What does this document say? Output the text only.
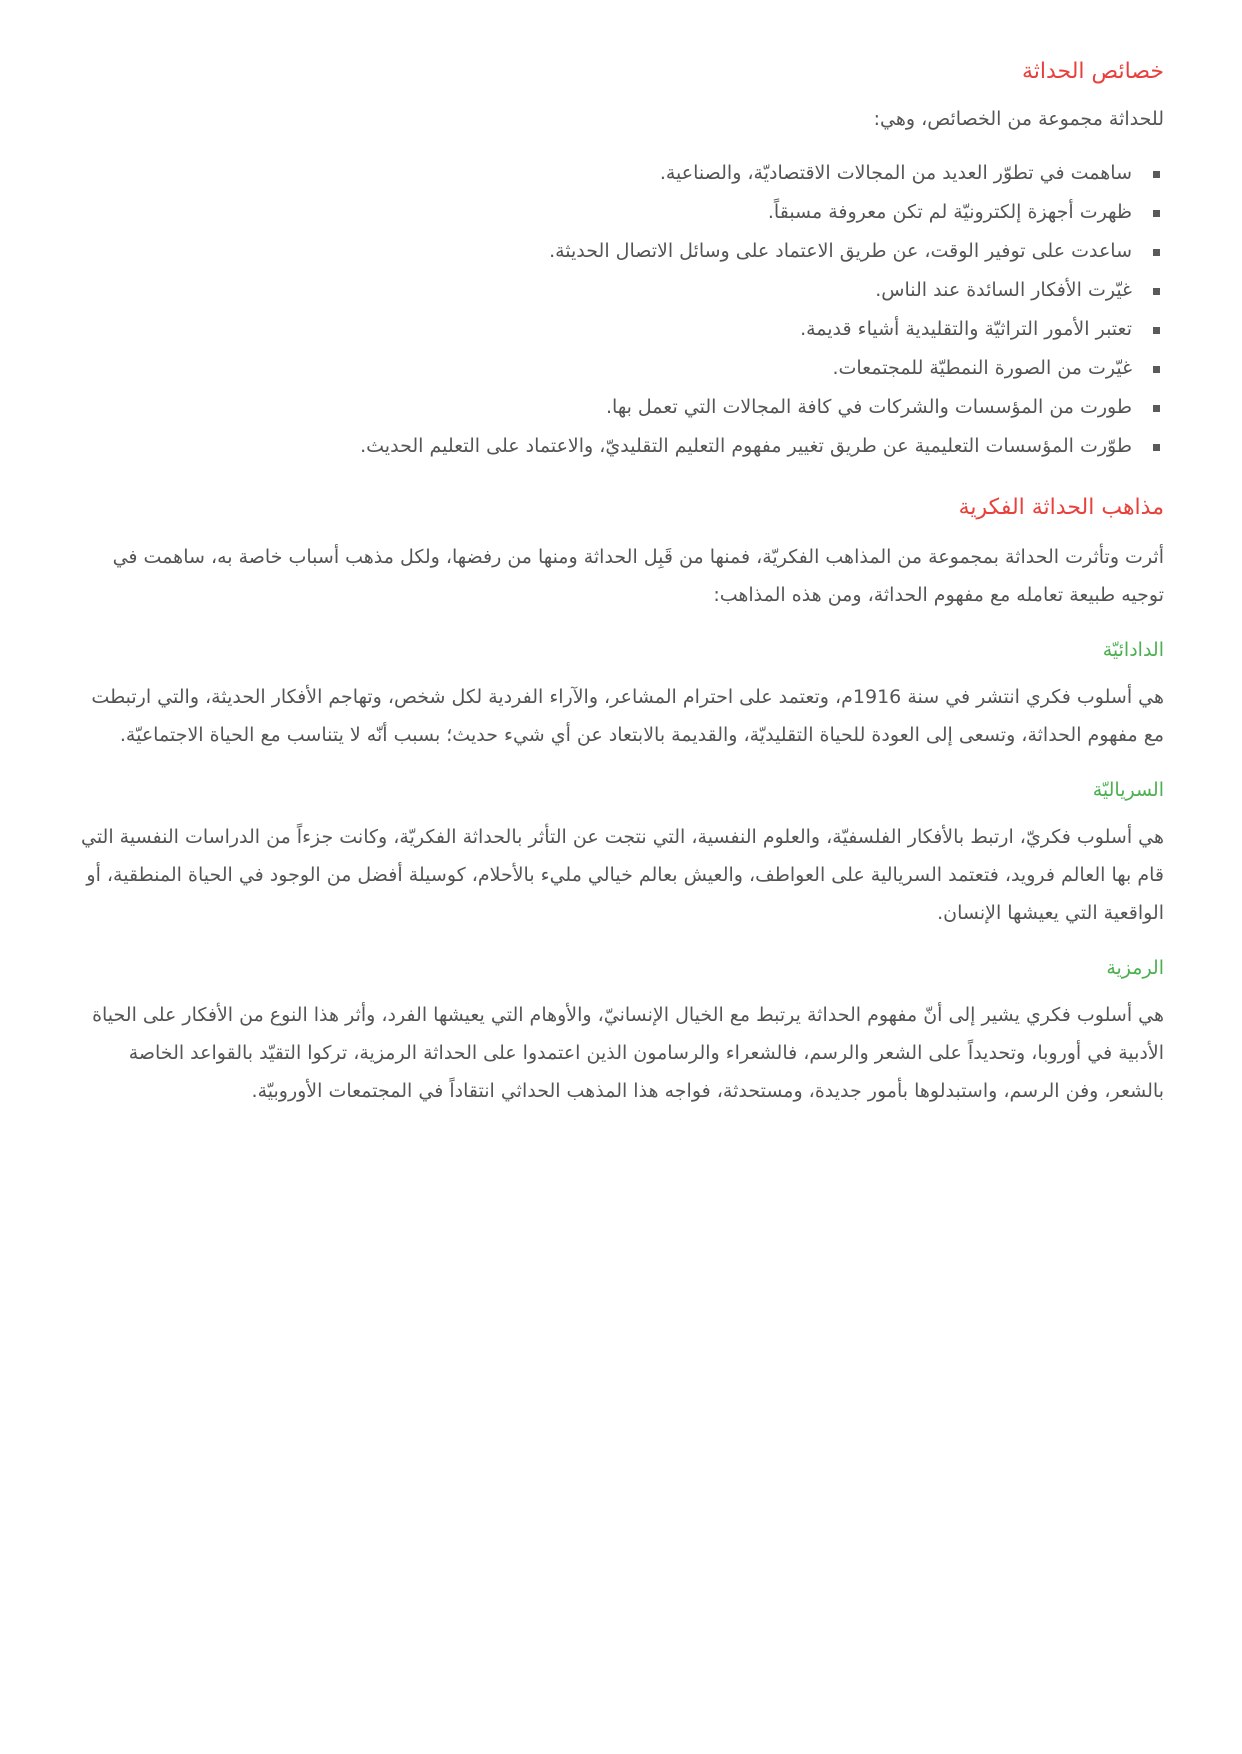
خصائص الحداثة

للحداثة مجموعة من الخصائص، وهي:

ساهمت في تطوّر العديد من المجالات الاقتصاديّة، والصناعية.
ظهرت أجهزة إلكترونيّة لم تكن معروفة مسبقاً.
ساعدت على توفير الوقت، عن طريق الاعتماد على وسائل الاتصال الحديثة.
غيّرت الأفكار السائدة عند الناس.
تعتبر الأمور التراثيّة والتقليدية أشياء قديمة.
غيّرت من الصورة النمطيّة للمجتمعات.
طورت من المؤسسات والشركات في كافة المجالات التي تعمل بها.
طوّرت المؤسسات التعليمية عن طريق تغيير مفهوم التعليم التقليديّ، والاعتماد على التعليم الحديث.
مذاهب الحداثة الفكرية

أثرت وتأثرت الحداثة بمجموعة من المذاهب الفكريّة، فمنها من قَبِل الحداثة ومنها من رفضها، ولكل مذهب أسباب خاصة به، ساهمت في توجيه طبيعة تعامله مع مفهوم الحداثة، ومن هذه المذاهب:

الدادائيّة

هي أسلوب فكري انتشر في سنة 1916م، وتعتمد على احترام المشاعر، والآراء الفردية لكل شخص، وتهاجم الأفكار الحديثة، والتي ارتبطت مع مفهوم الحداثة، وتسعى إلى العودة للحياة التقليديّة، والقديمة بالابتعاد عن أي شيء حديث؛ بسبب أنّه لا يتناسب مع الحياة الاجتماعيّة.

السرياليّة

هي أسلوب فكريّ، ارتبط بالأفكار الفلسفيّة، والعلوم النفسية، التي نتجت عن التأثر بالحداثة الفكريّة، وكانت جزءاً من الدراسات النفسية التي قام بها العالم فرويد، فتعتمد السريالية على العواطف، والعيش بعالم خيالي مليء بالأحلام، كوسيلة أفضل من الوجود في الحياة المنطقية، أو الواقعية التي يعيشها الإنسان.

الرمزية

هي أسلوب فكري يشير إلى أنّ مفهوم الحداثة يرتبط مع الخيال الإنسانيّ، والأوهام التي يعيشها الفرد، وأثر هذا النوع من الأفكار على الحياة الأدبية في أوروبا، وتحديداً على الشعر والرسم، فالشعراء والرسامون الذين اعتمدوا على الحداثة الرمزية، تركوا التقيّد بالقواعد الخاصة بالشعر، وفن الرسم، واستبدلوها بأمور جديدة، ومستحدثة، فواجه هذا المذهب الحداثي انتقاداً في المجتمعات الأوروبيّة.
